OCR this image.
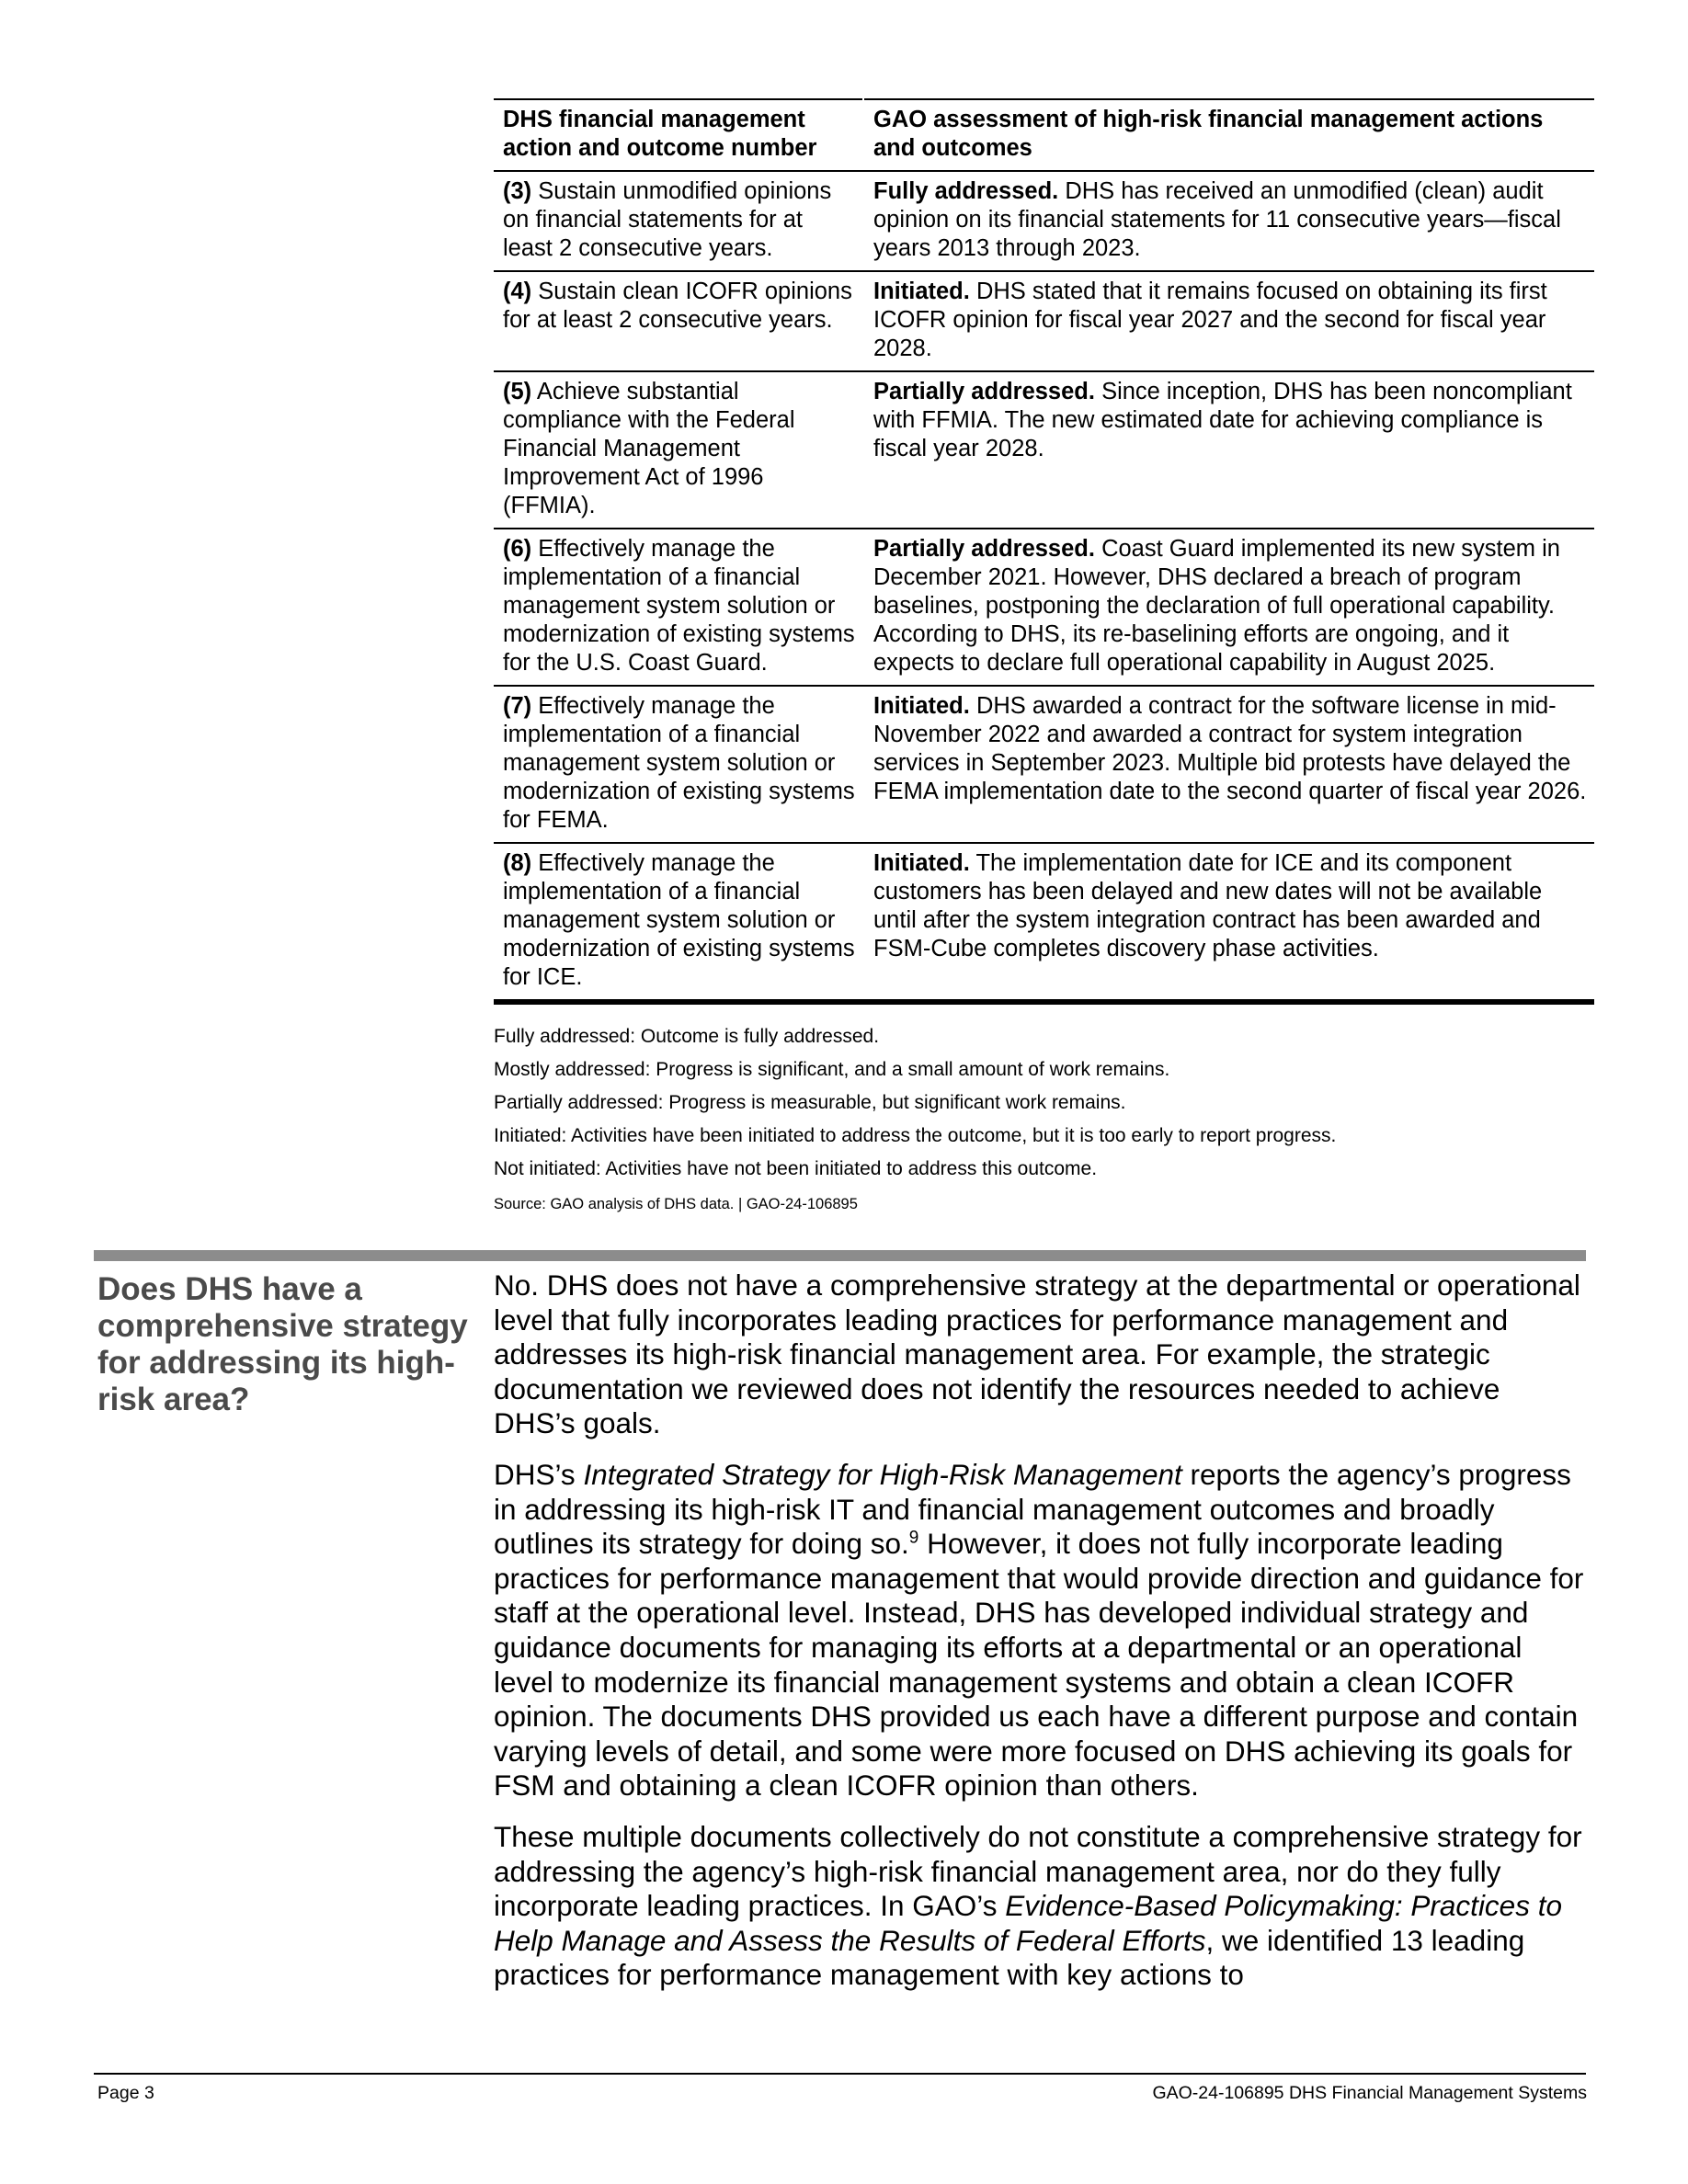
DHS financial management action and outcome number	GAO assessment of high-risk financial management actions and outcomes
(3) Sustain unmodified opinions on financial statements for at least 2 consecutive years.	Fully addressed. DHS has received an unmodified (clean) audit opinion on its financial statements for 11 consecutive years—fiscal years 2013 through 2023.
(4) Sustain clean ICOFR opinions for at least 2 consecutive years.	Initiated. DHS stated that it remains focused on obtaining its first ICOFR opinion for fiscal year 2027 and the second for fiscal year 2028.
(5) Achieve substantial compliance with the Federal Financial Management Improvement Act of 1996 (FFMIA).	Partially addressed. Since inception, DHS has been noncompliant with FFMIA. The new estimated date for achieving compliance is fiscal year 2028.
(6) Effectively manage the implementation of a financial management system solution or modernization of existing systems for the U.S. Coast Guard.	Partially addressed. Coast Guard implemented its new system in December 2021. However, DHS declared a breach of program baselines, postponing the declaration of full operational capability. According to DHS, its re-baselining efforts are ongoing, and it expects to declare full operational capability in August 2025.
(7) Effectively manage the implementation of a financial management system solution or modernization of existing systems for FEMA.	Initiated. DHS awarded a contract for the software license in mid-November 2022 and awarded a contract for system integration services in September 2023. Multiple bid protests have delayed the FEMA implementation date to the second quarter of fiscal year 2026.
(8) Effectively manage the implementation of a financial management system solution or modernization of existing systems for ICE.	Initiated. The implementation date for ICE and its component customers has been delayed and new dates will not be available until after the system integration contract has been awarded and FSM-Cube completes discovery phase activities.
Fully addressed: Outcome is fully addressed.
Mostly addressed: Progress is significant, and a small amount of work remains.
Partially addressed: Progress is measurable, but significant work remains.
Initiated: Activities have been initiated to address the outcome, but it is too early to report progress.
Not initiated: Activities have not been initiated to address this outcome.
Source: GAO analysis of DHS data. | GAO-24-106895
Does DHS have a comprehensive strategy for addressing its high-risk area?

No. DHS does not have a comprehensive strategy at the departmental or operational level that fully incorporates leading practices for performance management and addresses its high-risk financial management area. For example, the strategic documentation we reviewed does not identify the resources needed to achieve DHS’s goals.

DHS’s Integrated Strategy for High-Risk Management reports the agency’s progress in addressing its high-risk IT and financial management outcomes and broadly outlines its strategy for doing so.$^9$ However, it does not fully incorporate leading practices for performance management that would provide direction and guidance for staff at the operational level. Instead, DHS has developed individual strategy and guidance documents for managing its efforts at a departmental or an operational level to modernize its financial management systems and obtain a clean ICOFR opinion. The documents DHS provided us each have a different purpose and contain varying levels of detail, and some were more focused on DHS achieving its goals for FSM and obtaining a clean ICOFR opinion than others.

These multiple documents collectively do not constitute a comprehensive strategy for addressing the agency’s high-risk financial management area, nor do they fully incorporate leading practices. In GAO’s Evidence-Based Policymaking: Practices to Help Manage and Assess the Results of Federal Efforts, we identified 13 leading practices for performance management with key actions to

Page 3	GAO-24-106895 DHS Financial Management Systems
